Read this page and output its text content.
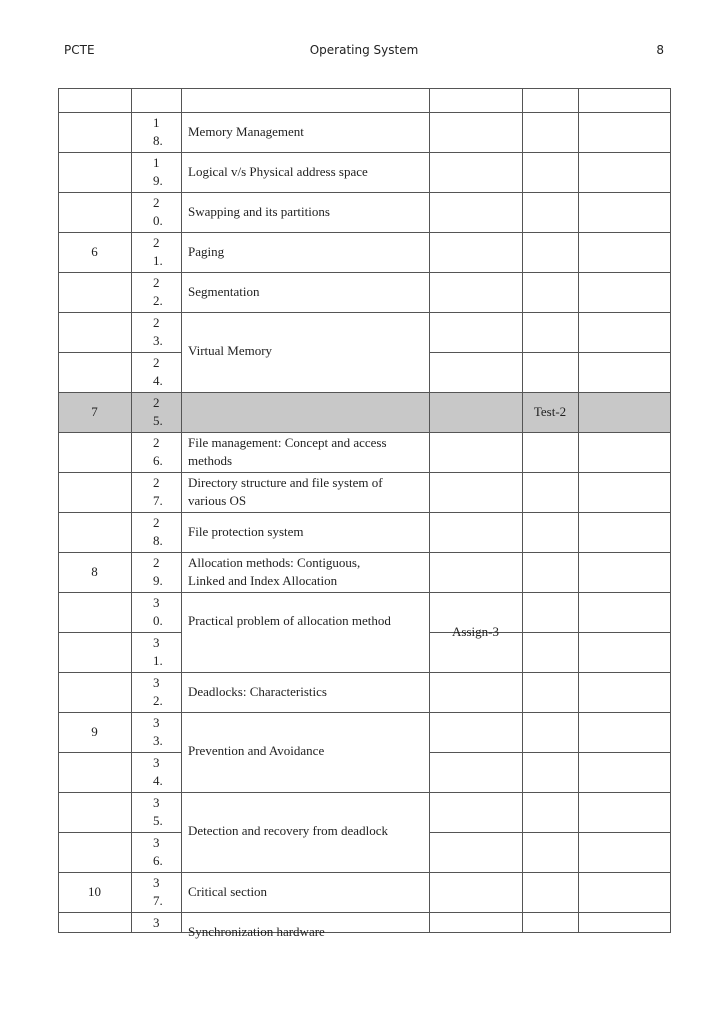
PCTE	Operating System	8
1
8.
Memory Management
1
9.
Logical v/s Physical address space
2
0.
Swapping and its partitions
2
1.
Paging
2
2.
Segmentation
2
3.
2
4.
2
5.
2
6.
File management: Concept and access
methods
2
7.
Directory structure and file system of
various OS
2
8.
File protection system
2
9.
Allocation methods: Contiguous,
Linked and Index Allocation
3
0.
3
1.
3
2.
Deadlocks: Characteristics
3
3.
3
4.
3
5.
3
6.
3
7.
Critical section
3
Synchronization hardware
Virtual Memory
Practical problem of allocation method
Prevention and Avoidance
Detection and recovery from deadlock
6
7
8
9
10
Assign-3
Test-2
